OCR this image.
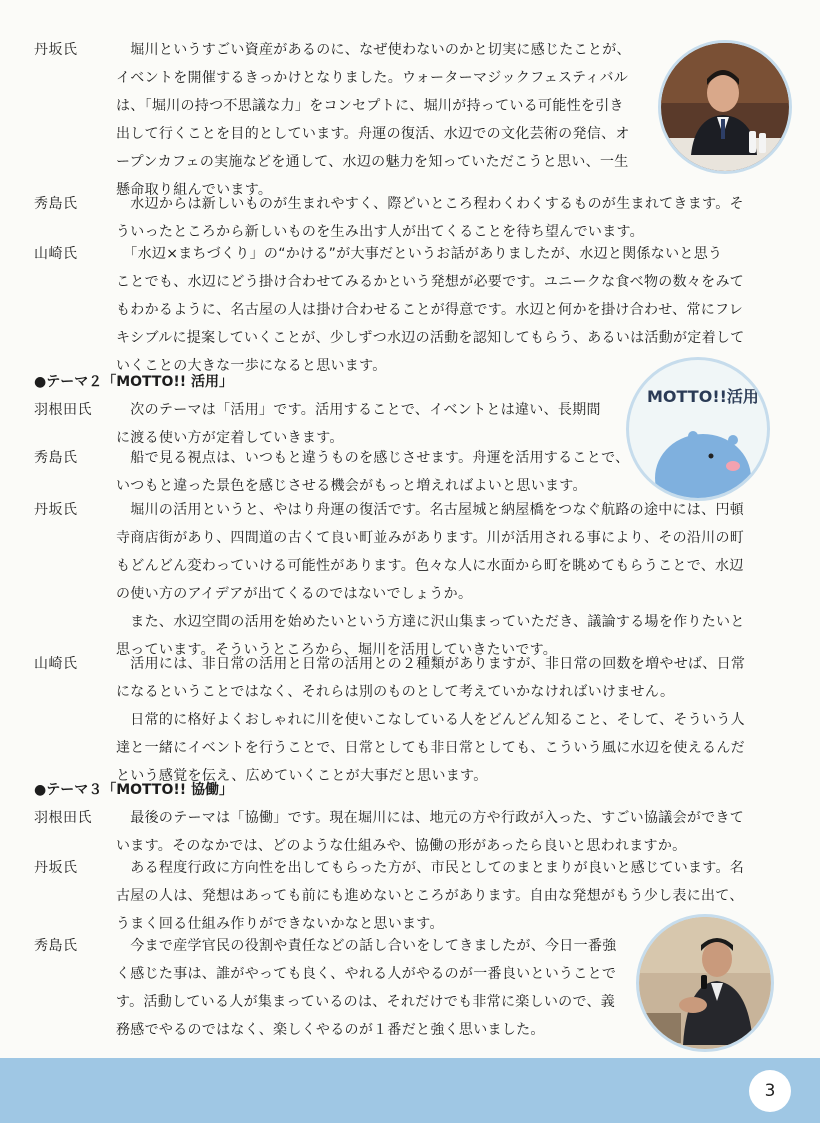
丹坂氏	　堀川というすごい資産があるのに、なぜ使わないのかと切実に感じたことが、
イベントを開催するきっかけとなりました。ウォーターマジックフェスティバル
は、「堀川の持つ不思議な力」をコンセプトに、堀川が持っている可能性を引き
出して行くことを目的としています。舟運の復活、水辺での文化芸術の発信、オ
ープンカフェの実施などを通して、水辺の魅力を知っていただこうと思い、一生
懸命取り組んでいます。
秀島氏	　水辺からは新しいものが生まれやすく、際どいところ程わくわくするものが生まれてきます。そ
ういったところから新しいものを生み出す人が出てくることを待ち望んでいます。
山崎氏	　「水辺×まちづくり」の“かける”が大事だというお話がありましたが、水辺と関係ないと思う
ことでも、水辺にどう掛け合わせてみるかという発想が必要です。ユニークな食べ物の数々をみて
もわかるように、名古屋の人は掛け合わせることが得意です。水辺と何かを掛け合わせ、常にフレ
キシブルに提案していくことが、少しずつ水辺の活動を認知してもらう、あるいは活動が定着して
いくことの大きな一歩になると思います。
●テーマ２「MOTTO!! 活用」
羽根田氏 　次のテーマは「活用」です。活用することで、イベントとは違い、長期間
に渡る使い方が定着していきます。
秀島氏	　船で見る視点は、いつもと違うものを感じさせます。舟運を活用することで、
いつもと違った景色を感じさせる機会がもっと増えればよいと思います。
丹坂氏	　堀川の活用というと、やはり舟運の復活です。名古屋城と納屋橋をつなぐ航路の途中には、円頓
寺商店街があり、四間道の古くて良い町並みがあります。川が活用される事により、その沿川の町
もどんどん変わっていける可能性があります。色々な人に水面から町を眺めてもらうことで、水辺
の使い方のアイデアが出てくるのではないでしょうか。
　また、水辺空間の活用を始めたいという方達に沢山集まっていただき、議論する場を作りたいと
思っています。そういうところから、堀川を活用していきたいです。
山崎氏	　活用には、非日常の活用と日常の活用との２種類がありますが、非日常の回数を増やせば、日常
になるということではなく、それらは別のものとして考えていかなければいけません。
　日常的に格好よくおしゃれに川を使いこなしている人をどんどん知ること、そして、そういう人
達と一緒にイベントを行うことで、日常としても非日常としても、こういう風に水辺を使えるんだ
という感覚を伝え、広めていくことが大事だと思います。
●テーマ３「MOTTO!! 協働」
羽根田氏 　最後のテーマは「協働」です。現在堀川には、地元の方や行政が入った、すごい協議会ができて
います。そのなかでは、どのような仕組みや、協働の形があったら良いと思われますか。
丹坂氏	　ある程度行政に方向性を出してもらった方が、市民としてのまとまりが良いと感じています。名
古屋の人は、発想はあっても前にも進めないところがあります。自由な発想がもう少し表に出て、
うまく回る仕組み作りができないかなと思います。
秀島氏	　今まで産学官民の役割や責任などの話し合いをしてきましたが、今日一番強
く感じた事は、誰がやっても良く、やれる人がやるのが一番良いということで
す。活動している人が集まっているのは、それだけでも非常に楽しいので、義
務感でやるのではなく、楽しくやるのが１番だと強く思いました。
MOTTO!!活用
3
